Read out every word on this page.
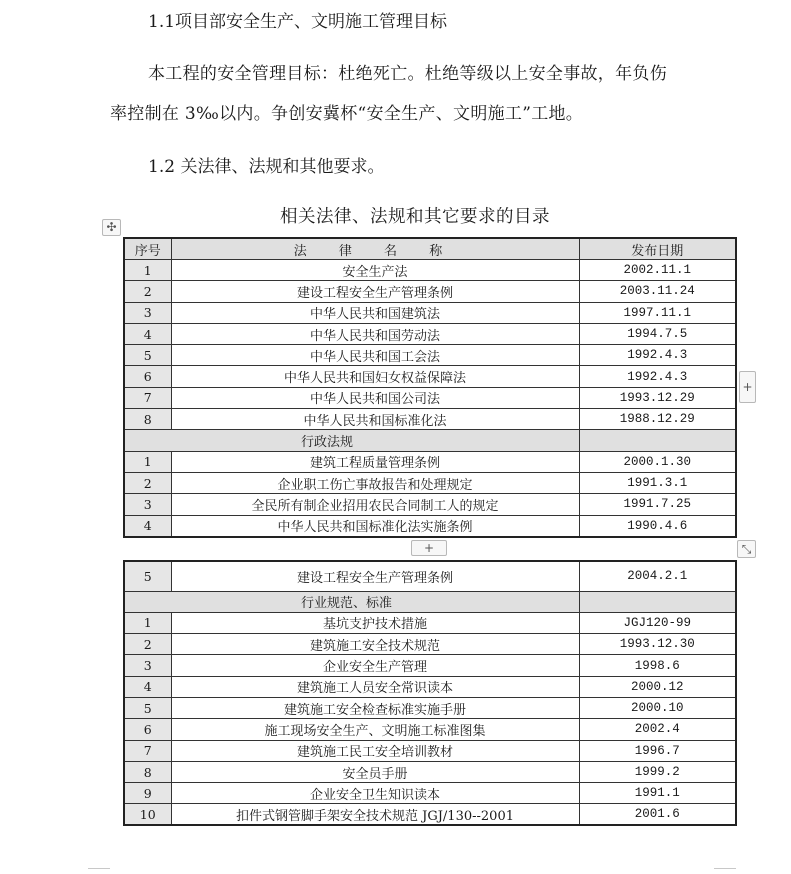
1.1项目部安全生产、文明施工管理目标
本工程的安全管理目标：杜绝死亡。杜绝等级以上安全事故，年负伤
率控制在 3‰以内。争创安冀杯“安全生产、文明施工”工地。
1.2 关法律、法规和其他要求。
相关法律、法规和其它要求的目录
✣
+
+	⤡
序号	法 律 名 称	发布日期
1	安全生产法	2002.11.1
2	建设工程安全生产管理条例	2003.11.24
3	中华人民共和国建筑法	1997.11.1
4	中华人民共和国劳动法	1994.7.5
5	中华人民共和国工会法	1992.4.3
6	中华人民共和国妇女权益保障法	1992.4.3
7	中华人民共和国公司法	1993.12.29
8	中华人民共和国标准化法	1988.12.29
行政法规		
1	建筑工程质量管理条例	2000.1.30
2	企业职工伤亡事故报告和处理规定	1991.3.1
3	全民所有制企业招用农民合同制工人的规定	1991.7.25
4	中华人民共和国标准化法实施条例	1990.4.6
5	建设工程安全生产管理条例	2004.2.1
行业规范、标准		
1	基坑支护技术措施	JGJ120-99
2	建筑施工安全技术规范	1993.12.30
3	企业安全生产管理	1998.6
4	建筑施工人员安全常识读本	2000.12
5	建筑施工安全检查标准实施手册	2000.10
6	施工现场安全生产、文明施工标准图集	2002.4
7	建筑施工民工安全培训教材	1996.7
8	安全员手册	1999.2
9	企业安全卫生知识读本	1991.1
10	扣件式钢管脚手架安全技术规范 JGJ/130--2001	2001.6
